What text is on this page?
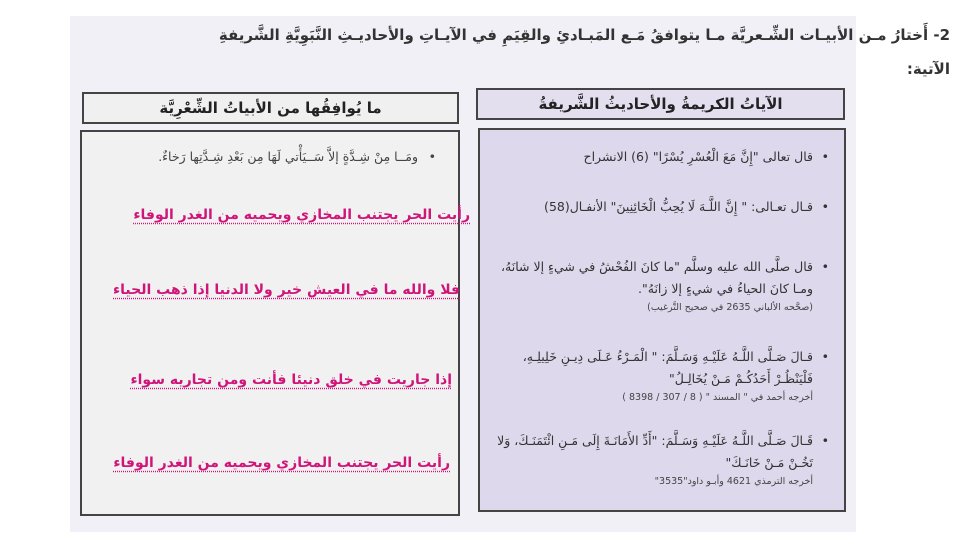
2- أَختارُ مـن الأبيـات الشِّـعريَّة مـا يتوافقُ مَـع المَبـادئِ والقِيَمِ في الآيـاتِ والأحاديـثِ النَّبَوِيَّةِ الشَّريفةِ الآتية:
الآياتُ الكريمةُ والأحاديثُ الشَّريفةُ
ما يُوافِقُها من الأبياتُ الشِّعْرِيَّة
• ومَــا مِنْ شِـدَّةٍ إلاَّ سَــيَأْتي لَهَا مِن بَعْدِ شِـدَّتِها رَخاءٌ.
•	قال تعالى "إِنَّ مَعَ الْعُسْرِ يُسْرًا" (6) الانشراح
• قـال تعـالى: " إِنَّ اللَّـهَ لَا يُحِبُّ الْخَائِنِينَ" الأنفـال(58)
• قال صلَّى الله عليه وسلَّم "ما كانَ الفُحْشُ في شيءٍ إلا شانَهُ، ومـا كانَ الحياءُ في شيءٍ إلا زانَهُ".
(صحَّحه الألباني 2635 في صحيح التَّرغيب)
• قـالَ صَـلَّى اللَّـهُ عَلَيْـهِ وَسَـلَّمَ: " الْمَـرْءُ عَـلَى دِيـنِ خَلِيلِـهِ، فَلْيَنْظُـرْ أَحَدُكُـمْ مَـنْ يُخَالِـلُ"
أخرجه أحمد في " المسند " ( 8 / 307 / 8398 )
• قَـالَ صَـلَّى اللَّـهُ عَلَيْـهِ وَسَـلَّمَ: "أَدِّ الأَمَانَـةَ إِلَى مَـنِ ائْتَمَنَـكَ، وَلا تَخُـنْ مَـنْ خَانَـكَ"
أخرجه الترمذي 4621 وأبـو داود"3535"
رأيت الحر يجتنب المخازي ويحميه من الغدر الوفاء
فلا والله ما في العيش خير ولا الدنيا إذا ذهب الحياء
إذا جاريت في خلق دنيئا فأنت ومن تجاريه سواء
رأيت الحر يجتنب المخازي ويحميه من الغدر الوفاء
